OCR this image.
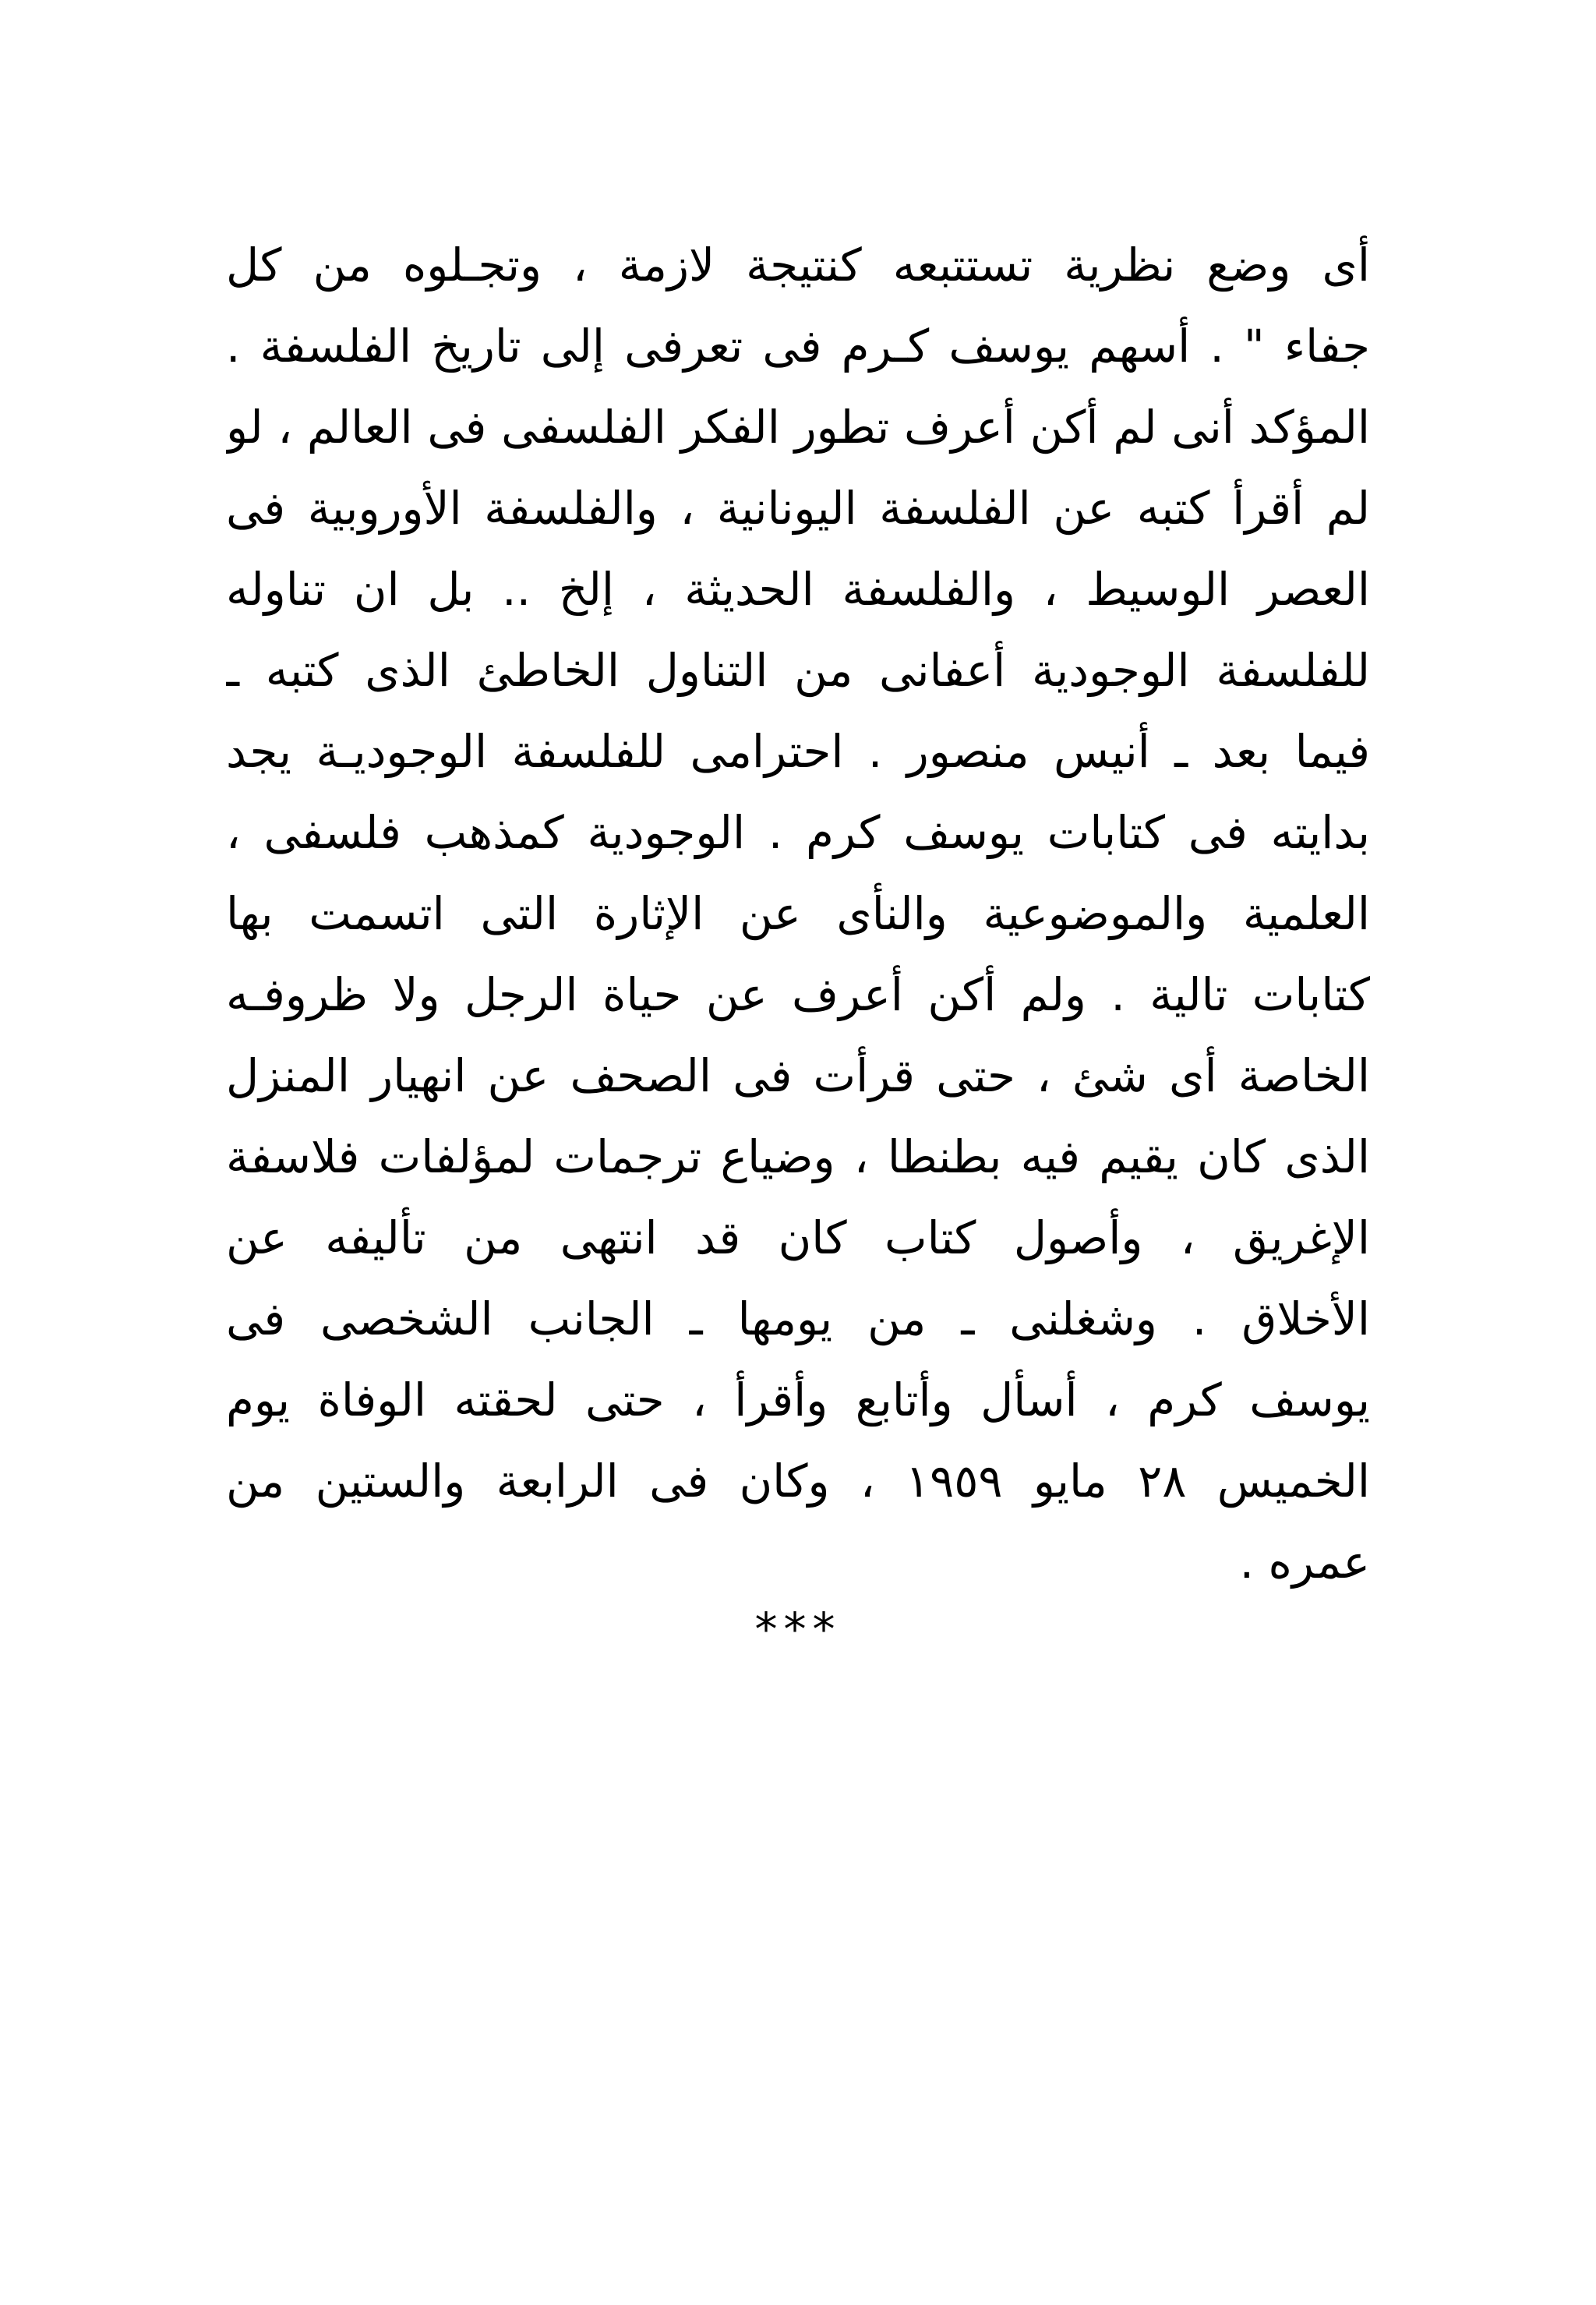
أى وضع نظرية تستتبعه كنتيجة لازمة ، وتجـلوه من كل
جفاء " . أسهم يوسف كـرم فى تعرفى إلى تاريخ الفلسفة .
المؤكد أنى لم أكن أعرف تطور الفكر الفلسفى فى العالم ، لو
لم أقرأ كتبه عن الفلسفة اليونانية ، والفلسفة الأوروبية فى
العصر الوسيط ، والفلسفة الحديثة ، إلخ .. بل ان تناوله
للفلسفة الوجودية أعفانى من التناول الخاطئ الذى كتبه ـ
فيما بعد ـ أنيس منصور . احترامى للفلسفة الوجوديـة يجد
بدايته فى كتابات يوسف كرم . الوجودية كمذهب فلسفى ،
العلمية والموضوعية والنأى عن الإثارة التى اتسمت بها
كتابات تالية . ولم أكن أعرف عن حياة الرجل ولا ظروفـه
الخاصة أى شئ ، حتى قرأت فى الصحف عن انهيار المنزل
الذى كان يقيم فيه بطنطا ، وضياع ترجمات لمؤلفات فلاسفة
الإغريق ، وأصول كتاب كان قد انتهى من تأليفه عن
الأخلاق . وشغلنى ـ من يومها ـ الجانب الشخصى فى
يوسف كرم ، أسأل وأتابع وأقرأ ، حتى لحقته الوفاة يوم
الخميس ٢٨ مايو ١٩٥٩ ، وكان فى الرابعة والستين من
عمره .
***
